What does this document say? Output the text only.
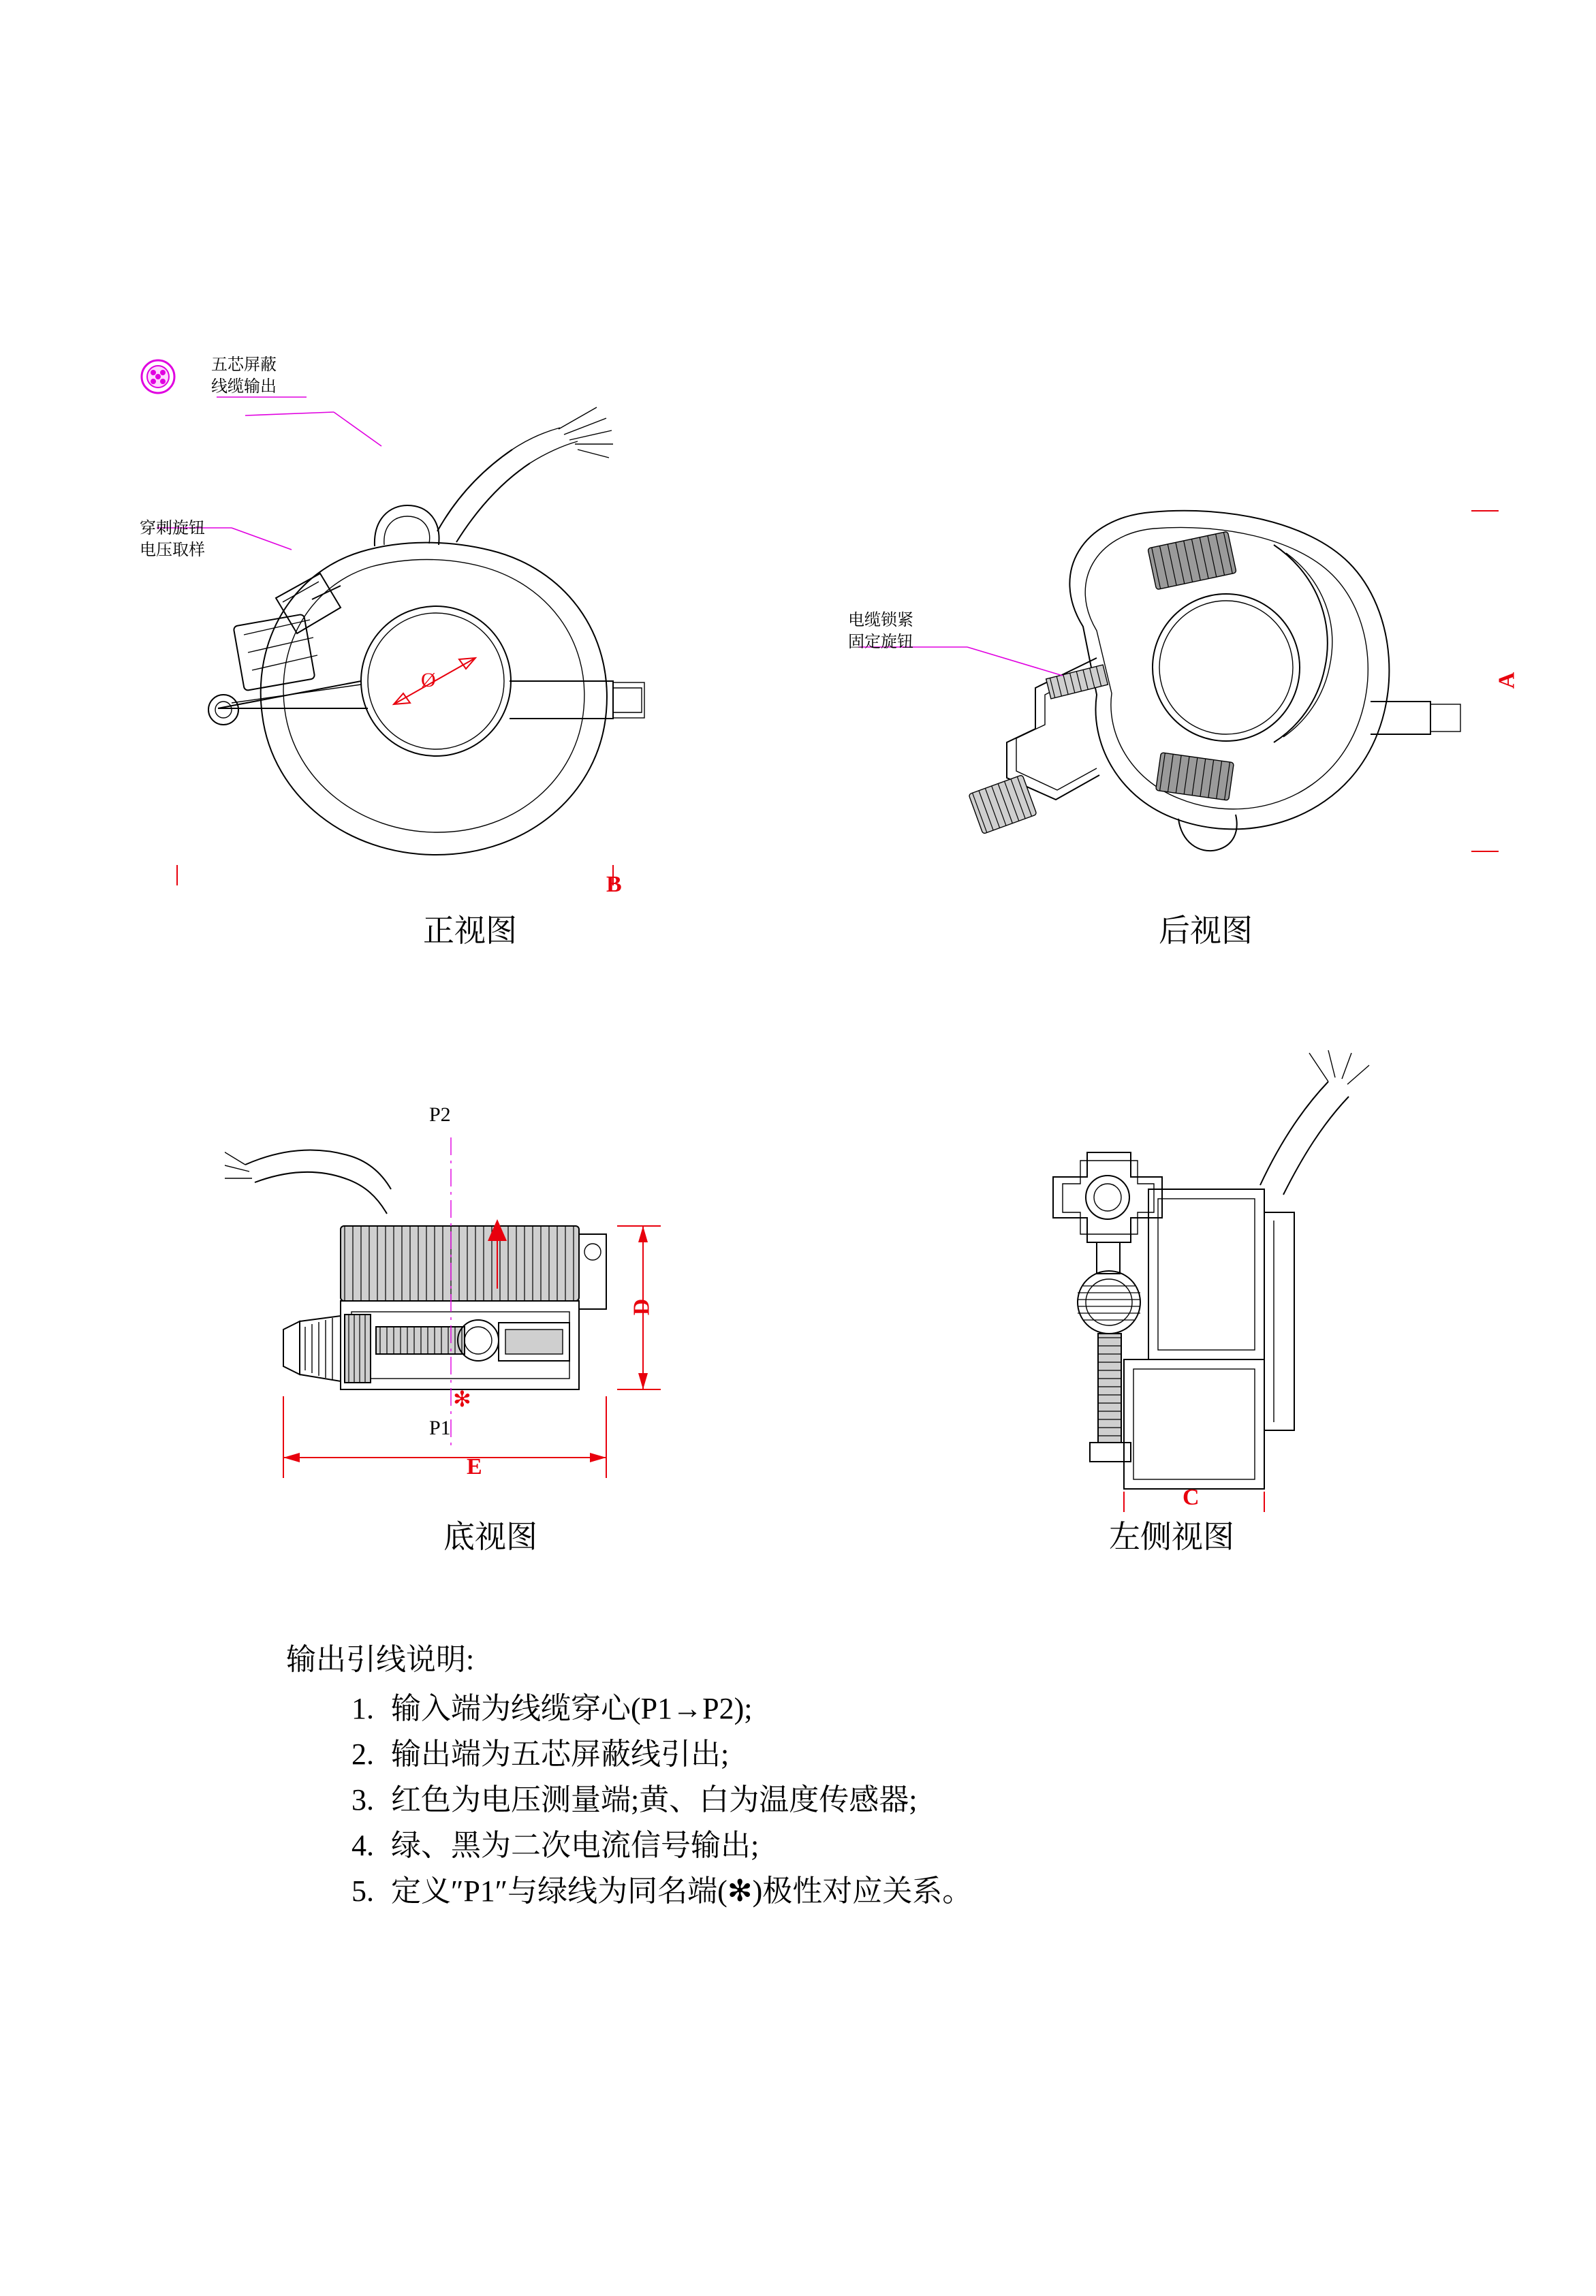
B
Ø
五芯屏蔽
线缆输出
穿刺旋钮
电压取样
正视图
A
电缆锁紧
固定旋钮
后视图
P2
P1
✻
D
E
底视图
C
左侧视图
输出引线说明:
1. 输入端为线缆穿心(P1→P2);
2. 输出端为五芯屏蔽线引出;
3. 红色为电压测量端;黄、白为温度传感器;
4. 绿、黑为二次电流信号输出;
5. 定义″P1″与绿线为同名端(✻)极性对应关系。
